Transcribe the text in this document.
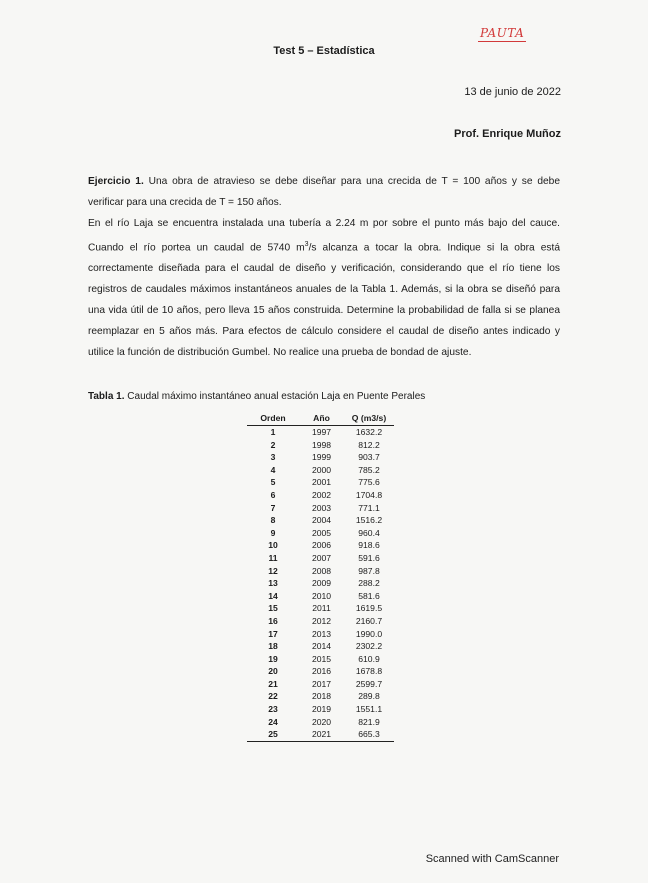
PAUTA
Test 5 – Estadística
13 de junio de 2022
Prof. Enrique Muñoz

Ejercicio 1. Una obra de atravieso se debe diseñar para una crecida de T = 100 años y se debe verificar para una crecida de T = 150 años.

En el río Laja se encuentra instalada una tubería a 2.24 m por sobre el punto más bajo del cauce. Cuando el río portea un caudal de 5740 $m^3/s$ alcanza a tocar la obra. Indique si la obra está correctamente diseñada para el caudal de diseño y verificación, considerando que el río tiene los registros de caudales máximos instantáneos anuales de la Tabla 1. Además, si la obra se diseñó para una vida útil de 10 años, pero lleva 15 años construida. Determine la probabilidad de falla si se planea reemplazar en 5 años más. Para efectos de cálculo considere el caudal de diseño antes indicado y utilice la función de distribución Gumbel. No realice una prueba de bondad de ajuste.

Tabla 1. Caudal máximo instantáneo anual estación Laja en Puente Perales
Orden	Año	Q (m3/s)
1	1997	1632.2
2	1998	812.2
3	1999	903.7
4	2000	785.2
5	2001	775.6
6	2002	1704.8
7	2003	771.1
8	2004	1516.2
9	2005	960.4
10	2006	918.6
11	2007	591.6
12	2008	987.8
13	2009	288.2
14	2010	581.6
15	2011	1619.5
16	2012	2160.7
17	2013	1990.0
18	2014	2302.2
19	2015	610.9
20	2016	1678.8
21	2017	2599.7
22	2018	289.8
23	2019	1551.1
24	2020	821.9
25	2021	665.3
Scanned with CamScanner
